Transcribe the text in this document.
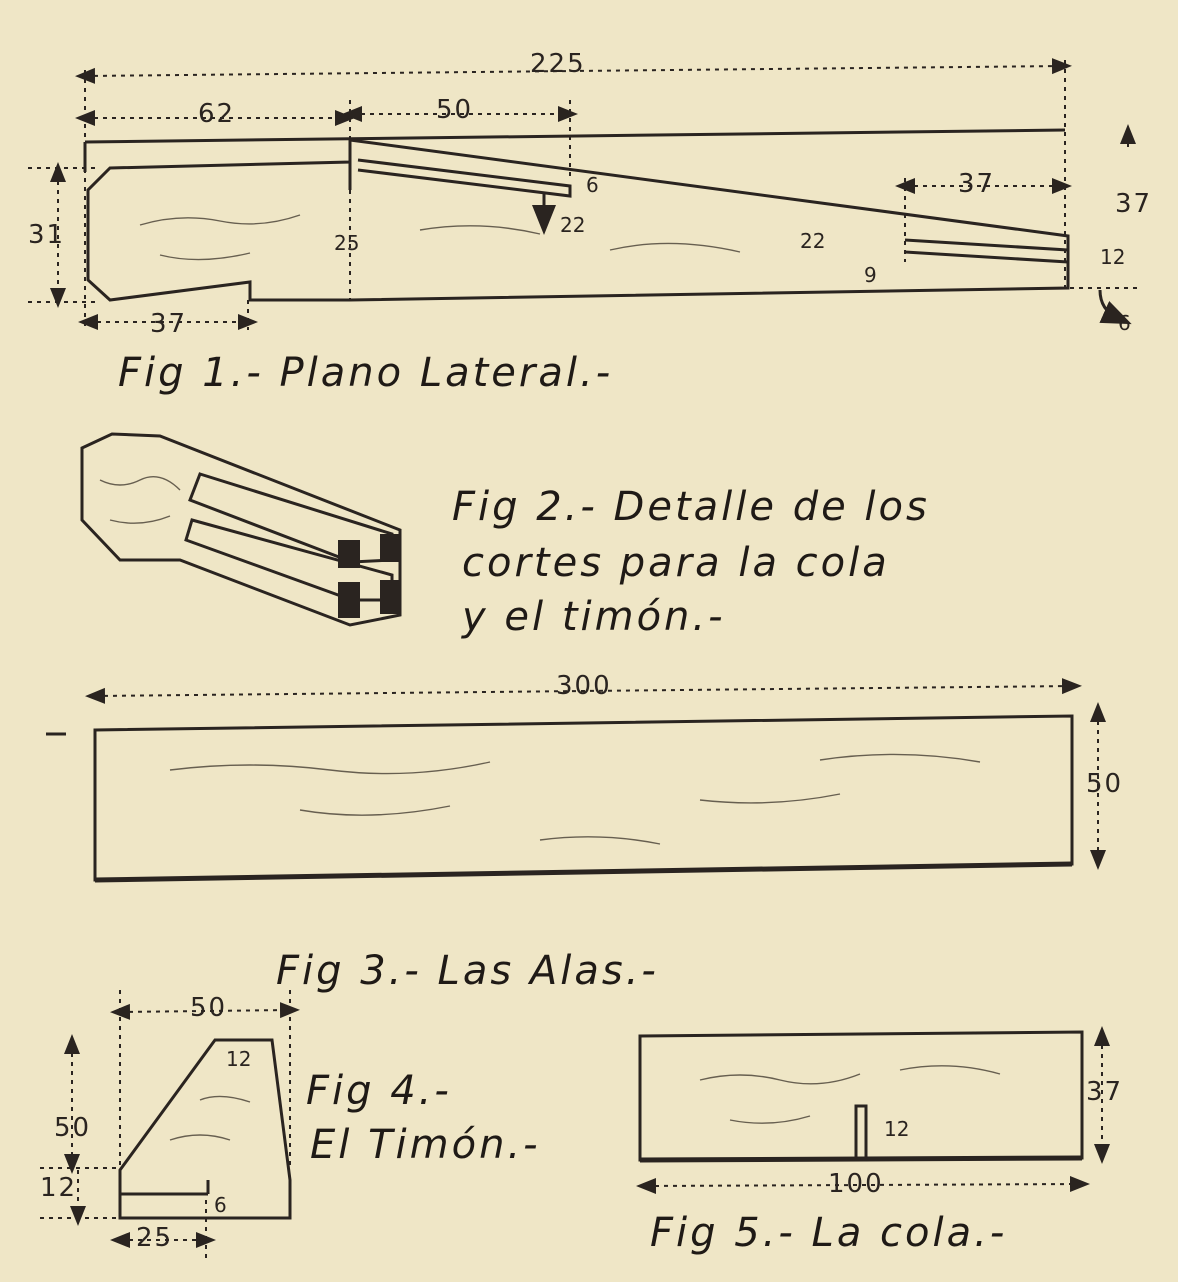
225
62	50
31
37
37
37
25
6
22
22
9
12
6
Fig 1.- Plano Lateral.-
Fig 2.- Detalle de los cortes para la cola y el timón.-
300
50
Fig 3.- Las Alas.-
50
12
50
12
25
6
Fig 4.- El Timón.-	12
37
100
Fig 5.- La cola.-
